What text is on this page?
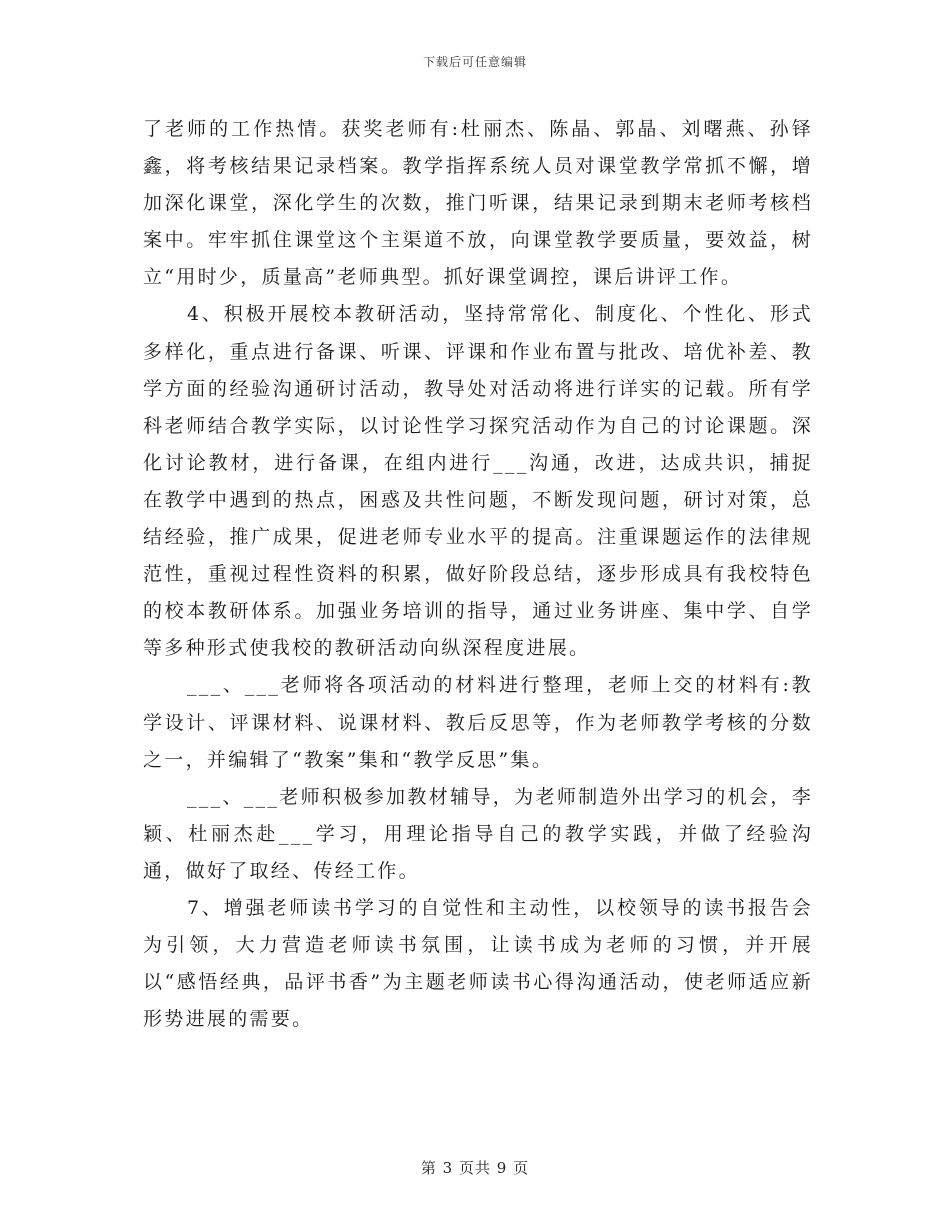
下载后可任意编辑

了老师的工作热情。获奖老师有:杜丽杰、陈晶、郭晶、刘曙燕、孙铎鑫，将考核结果记录档案。教学指挥系统人员对课堂教学常抓不懈，增加深化课堂，深化学生的次数，推门听课，结果记录到期末老师考核档案中。牢牢抓住课堂这个主渠道不放，向课堂教学要质量，要效益，树立“用时少，质量高”老师典型。抓好课堂调控，课后讲评工作。

4、积极开展校本教研活动，坚持常常化、制度化、个性化、形式多样化，重点进行备课、听课、评课和作业布置与批改、培优补差、教学方面的经验沟通研讨活动，教导处对活动将进行详实的记载。所有学科老师结合教学实际，以讨论性学习探究活动作为自己的讨论课题。深化讨论教材，进行备课，在组内进行___沟通，改进，达成共识，捕捉在教学中遇到的热点，困惑及共性问题，不断发现问题，研讨对策，总结经验，推广成果，促进老师专业水平的提高。注重课题运作的法律规范性，重视过程性资料的积累，做好阶段总结，逐步形成具有我校特色的校本教研体系。加强业务培训的指导，通过业务讲座、集中学、自学等多种形式使我校的教研活动向纵深程度进展。

___、___老师将各项活动的材料进行整理，老师上交的材料有:教学设计、评课材料、说课材料、教后反思等，作为老师教学考核的分数之一，并编辑了“教案”集和“教学反思”集。

___、___老师积极参加教材辅导，为老师制造外出学习的机会，李颖、杜丽杰赴___学习，用理论指导自己的教学实践，并做了经验沟通，做好了取经、传经工作。

7、增强老师读书学习的自觉性和主动性，以校领导的读书报告会为引领，大力营造老师读书氛围，让读书成为老师的习惯，并开展以“感悟经典，品评书香”为主题老师读书心得沟通活动，使老师适应新形势进展的需要。

第 3 页共 9 页
